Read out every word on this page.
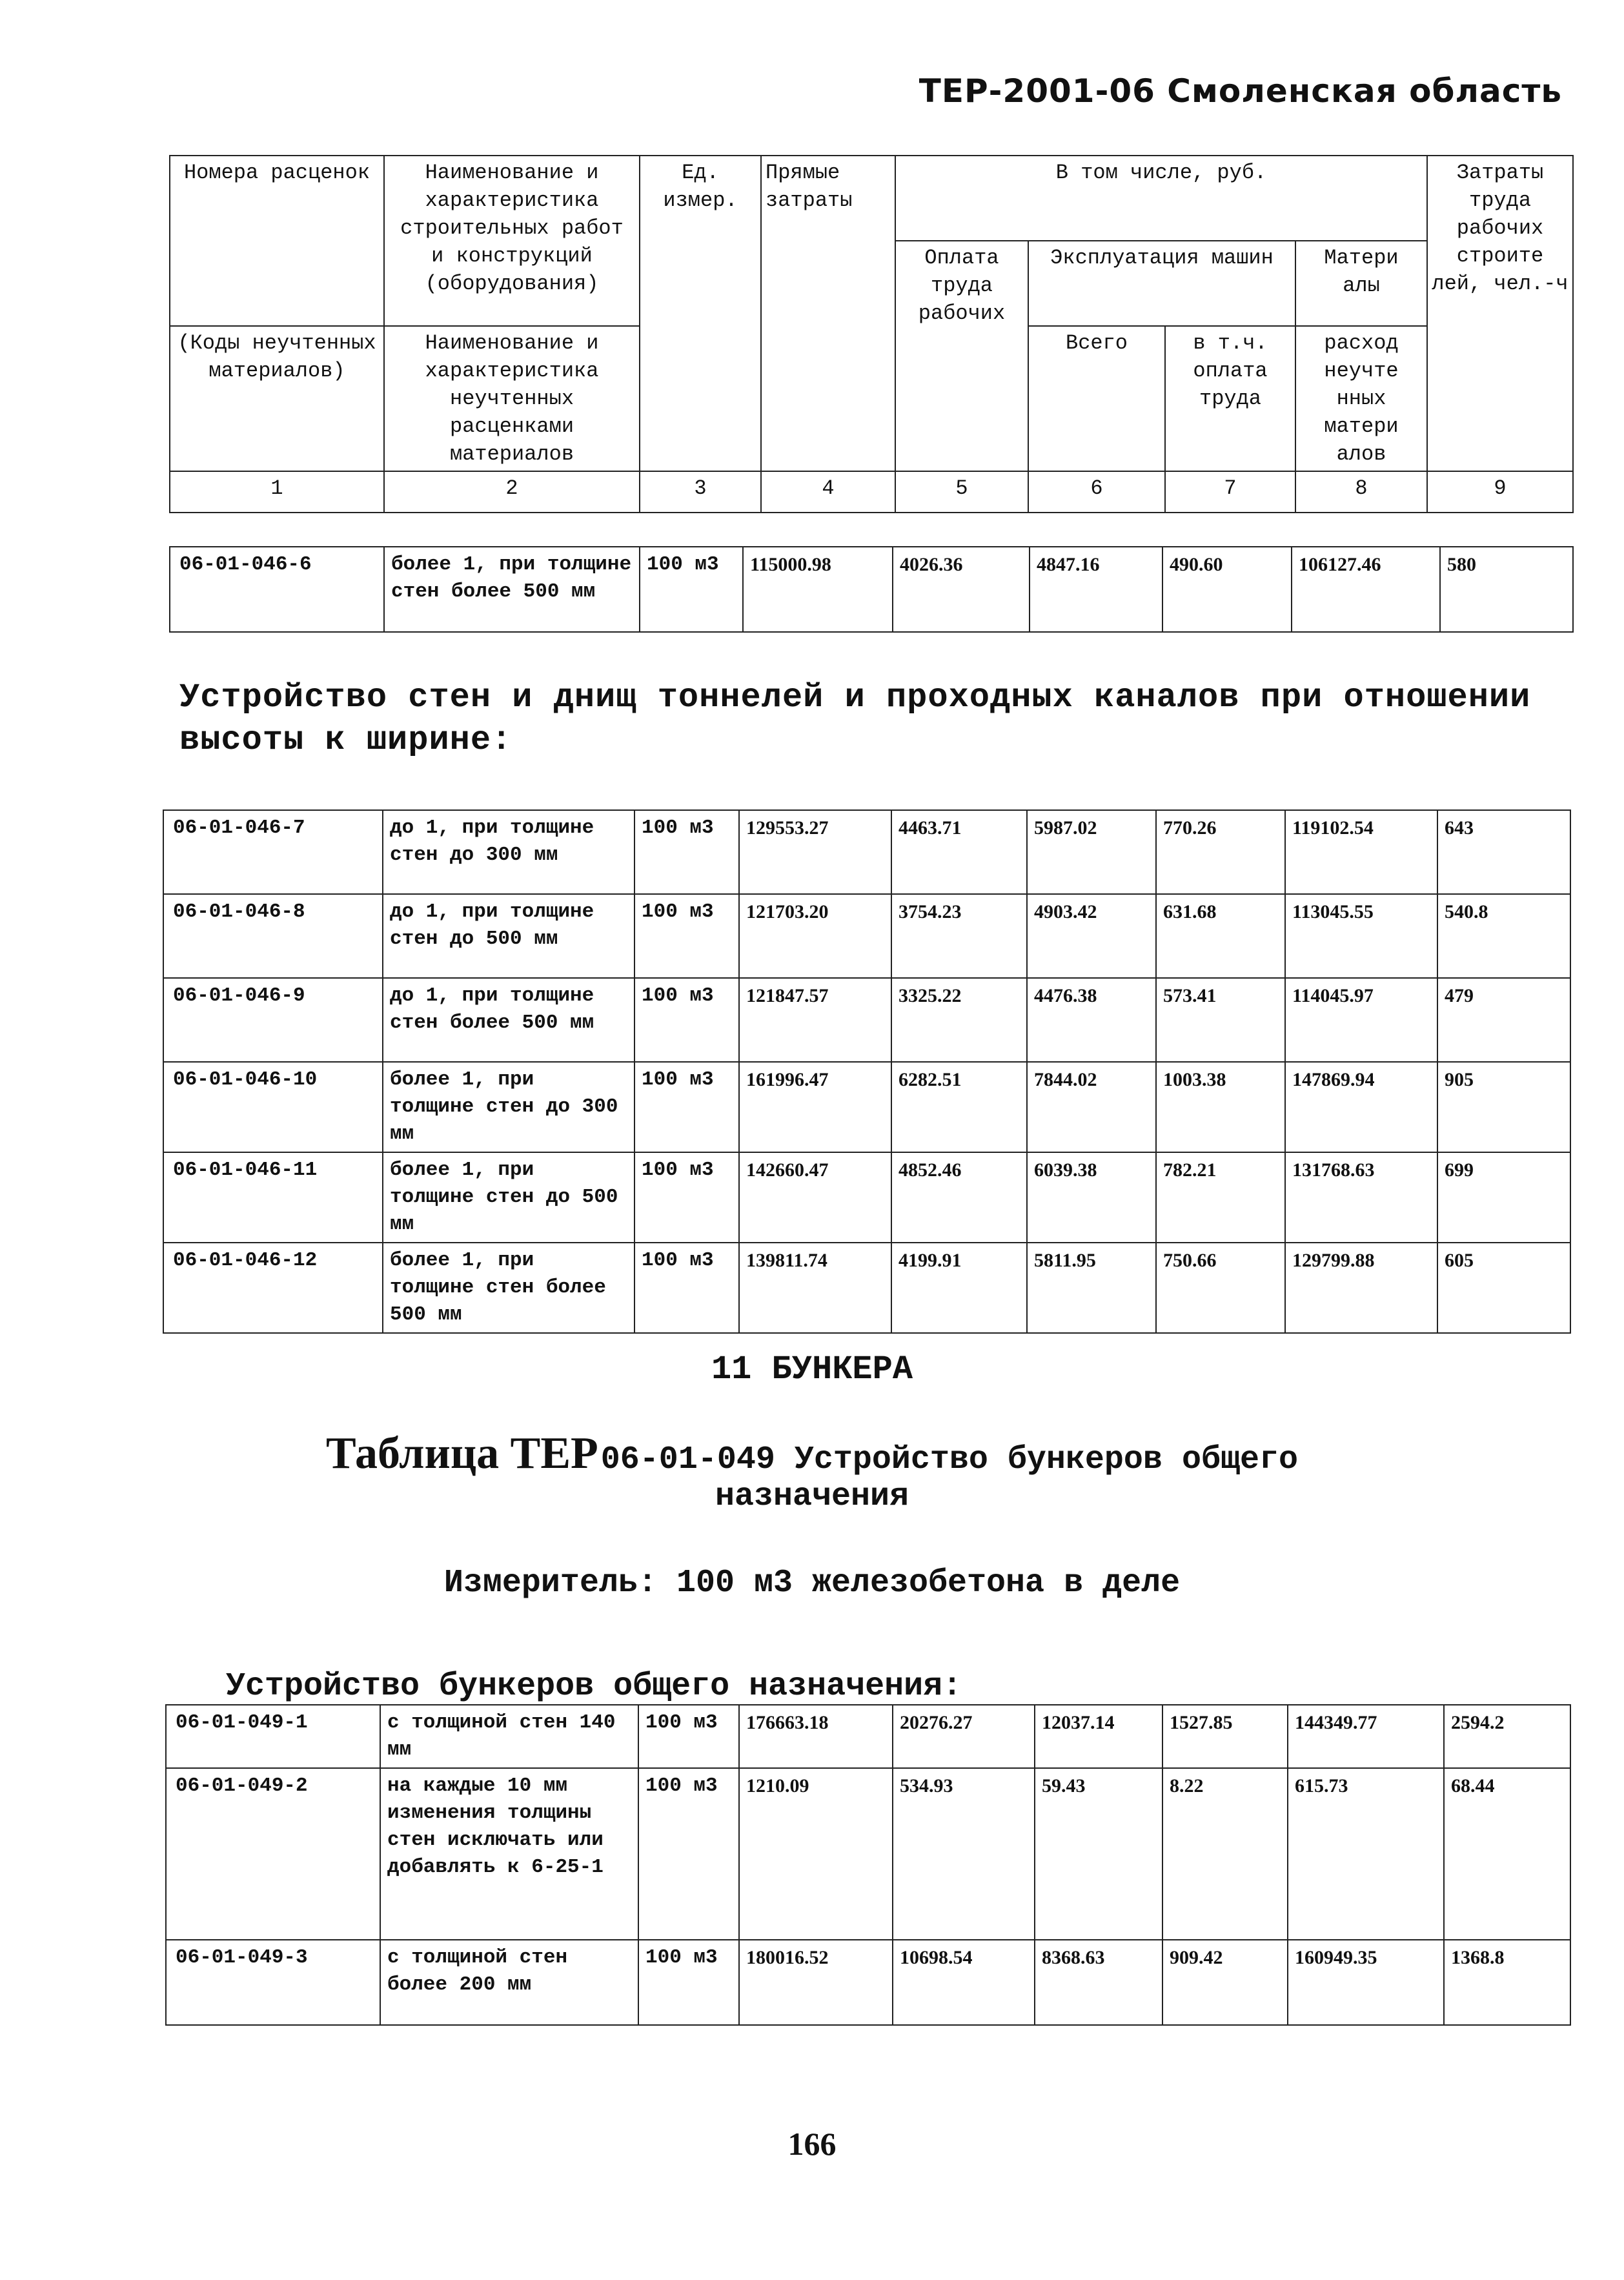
ТЕР-2001-06 Смоленская область
Номера расценок	Наименование и характеристика строительных работ и конструкций (оборудования)	Ед. измер.	Прямые затраты	В том числе, руб.				Затраты труда рабочих строите лей, чел.-ч
				Оплата труда рабочих	Эксплуатация машин		Матери алы	
(Коды неучтенных материалов)	Наименование и характеристика неучтенных расценками материалов				Всего	в т.ч. оплата труда	расход неучте нных матери алов	
1	2	3	4	5	6	7	8	9
06-01-046-6	более 1, при толщине стен более 500 мм	100 м3	115000.98	4026.36	4847.16	490.60	106127.46	580
Устройство стен и днищ тоннелей и проходных каналов при отношении высоты к ширине:
06-01-046-7	до 1, при толщине стен до 300 мм	100 м3	129553.27	4463.71	5987.02	770.26	119102.54	643
06-01-046-8	до 1, при толщине стен до 500 мм	100 м3	121703.20	3754.23	4903.42	631.68	113045.55	540.8
06-01-046-9	до 1, при толщине стен более 500 мм	100 м3	121847.57	3325.22	4476.38	573.41	114045.97	479
06-01-046-10	более 1, при толщине стен до 300 мм	100 м3	161996.47	6282.51	7844.02	1003.38	147869.94	905
06-01-046-11	более 1, при толщине стен до 500 мм	100 м3	142660.47	4852.46	6039.38	782.21	131768.63	699
06-01-046-12	более 1, при толщине стен более 500 мм	100 м3	139811.74	4199.91	5811.95	750.66	129799.88	605
11 БУНКЕРА
Таблица ТЕР 06-01-049 Устройство бункеров общего
назначения
Измеритель: 100 м3 железобетона в деле
Устройство бункеров общего назначения:
06-01-049-1	с толщиной стен 140 мм	100 м3	176663.18	20276.27	12037.14	1527.85	144349.77	2594.2
06-01-049-2	на каждые 10 мм изменения толщины стен исключать или добавлять к 6-25-1	100 м3	1210.09	534.93	59.43	8.22	615.73	68.44
06-01-049-3	с толщиной стен более 200 мм	100 м3	180016.52	10698.54	8368.63	909.42	160949.35	1368.8
166
